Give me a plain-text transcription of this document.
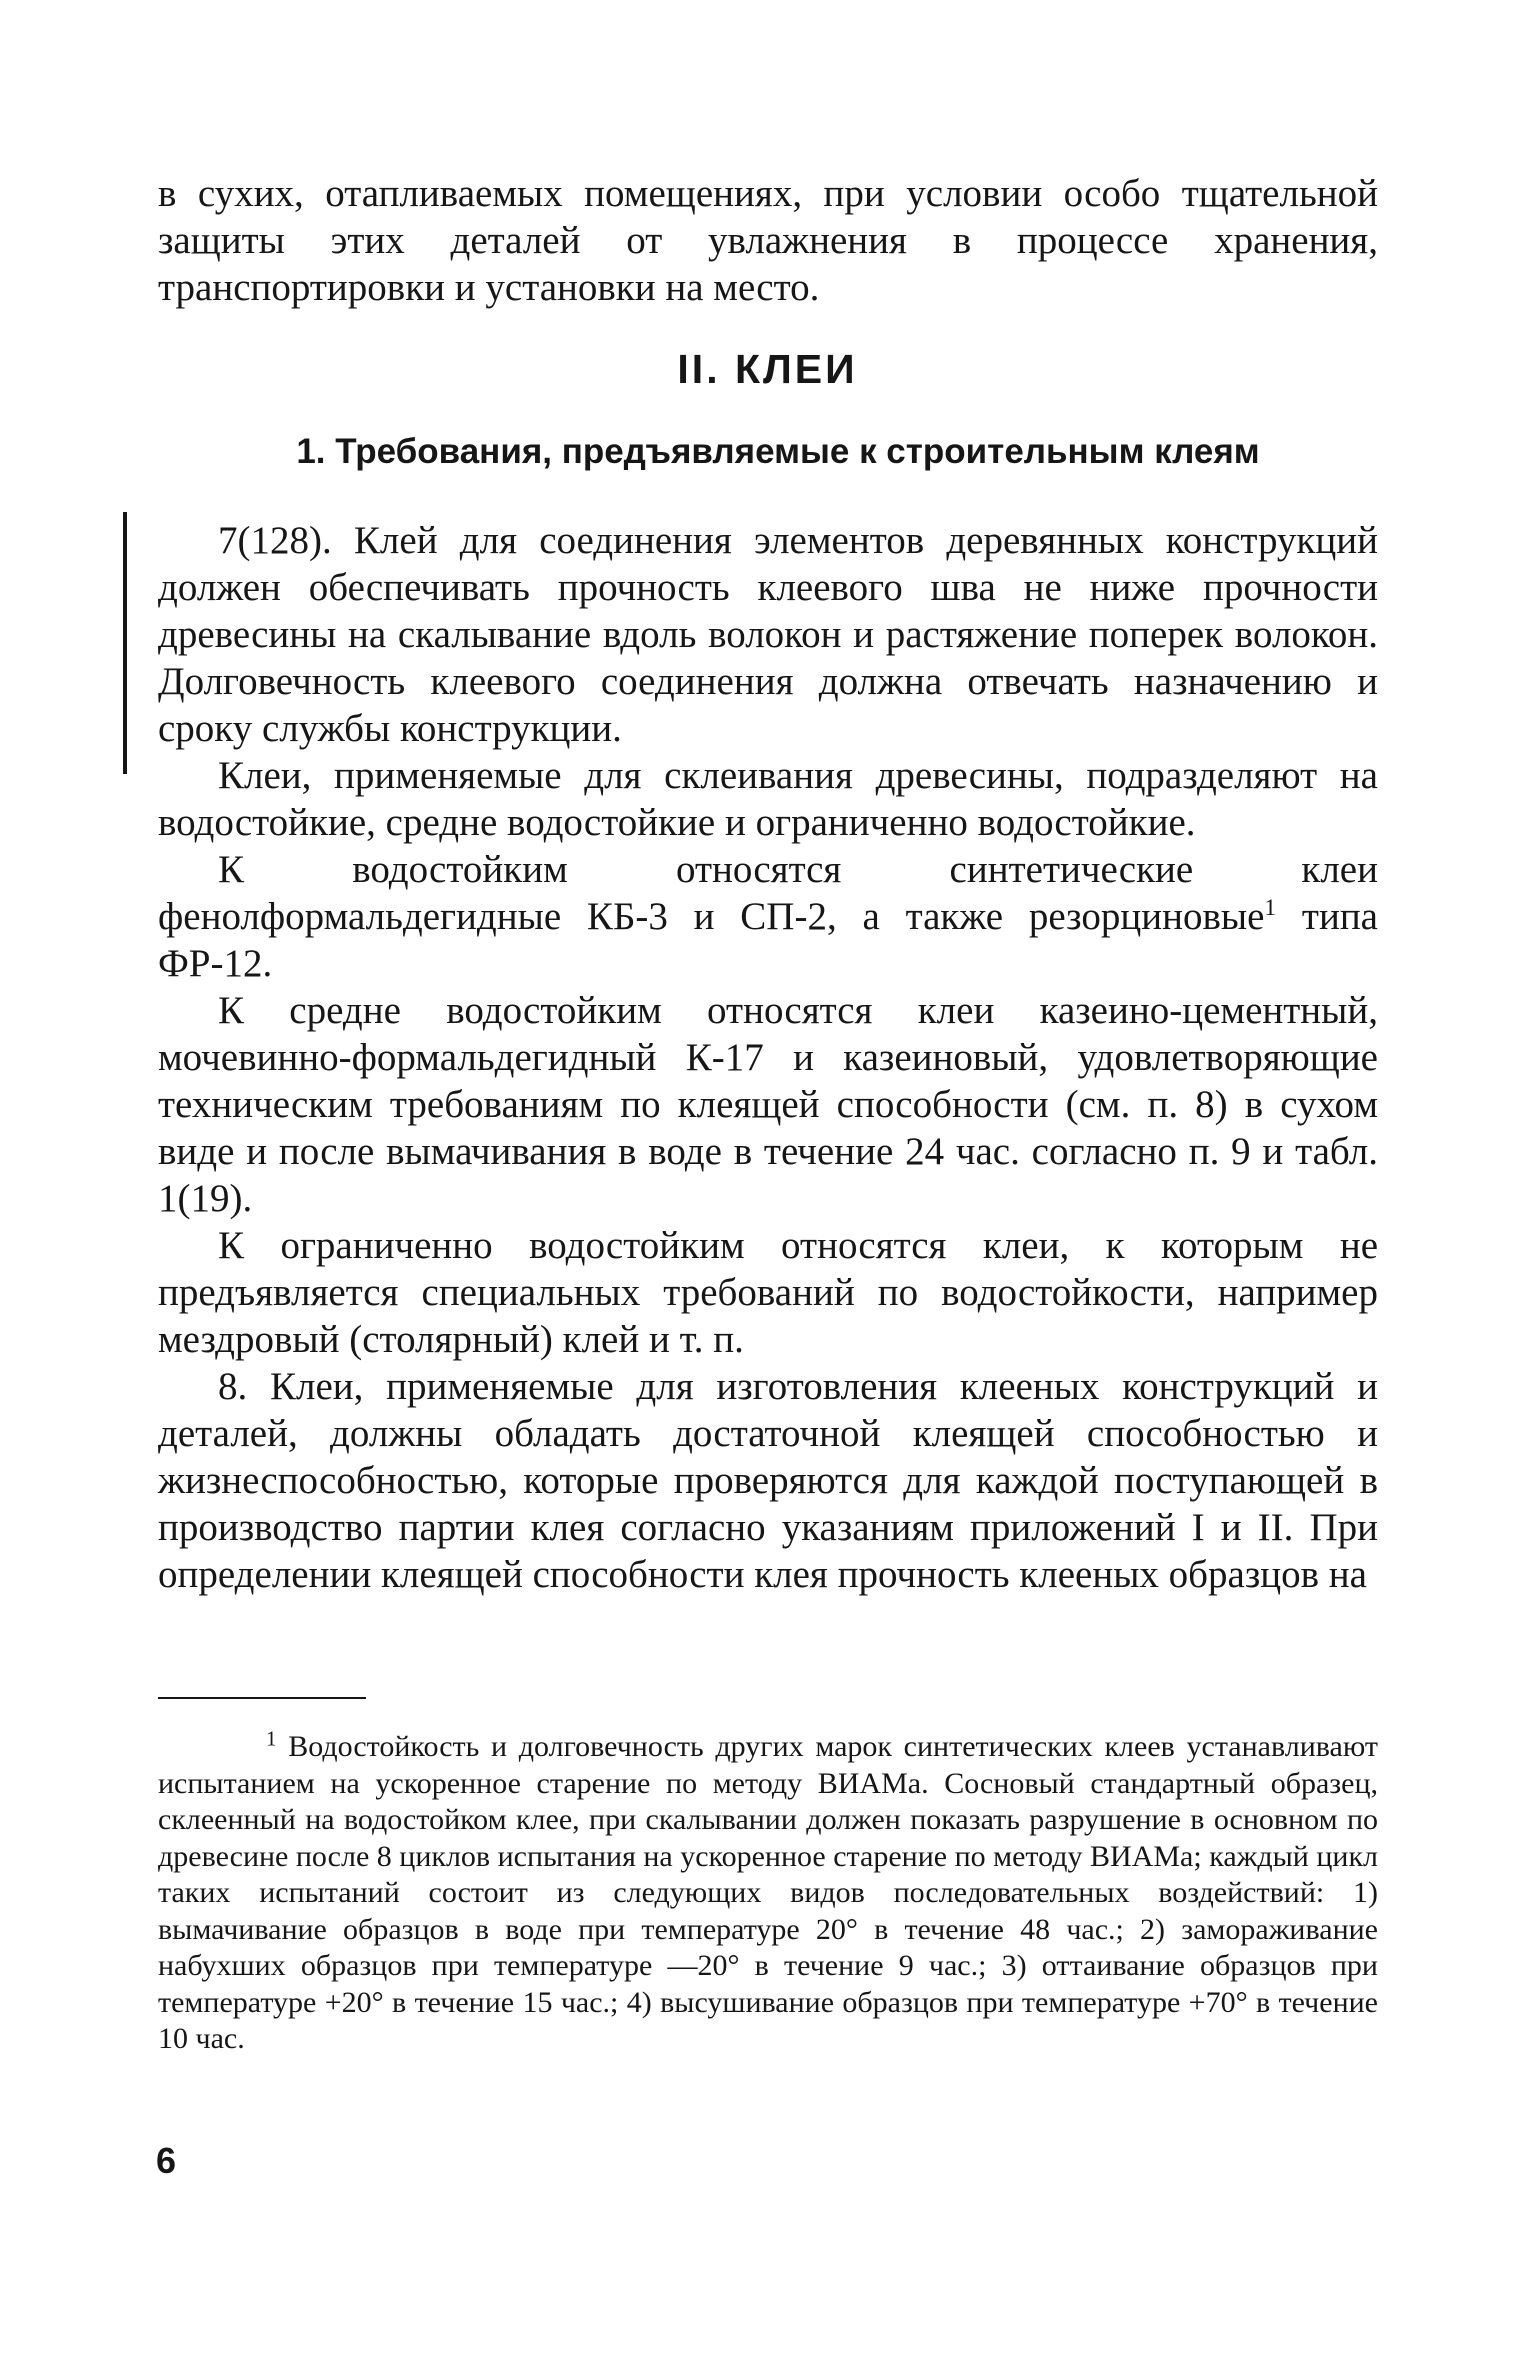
в сухих, отапливаемых помещениях, при условии особо тщательной защиты этих деталей от увлажнения в процессе хранения, транспортировки и установки на место.

II. КЛЕИ
1. Требования, предъявляемые к строительным клеям

7(128). Клей для соединения элементов деревянных конструкций должен обеспечивать прочность клеевого шва не ниже прочности древесины на скалывание вдоль волокон и растяжение поперек волокон. Долговечность клеевого соединения должна отвечать назначению и сроку службы конструкции.

Клеи, применяемые для склеивания древесины, подразделяют на водостойкие, средне водостойкие и ограниченно водостойкие.

К водостойким относятся синтетические клеи фенолформальдегидные КБ-3 и СП-2, а также резорциновые$^1$ типа ФР-12.

К средне водостойким относятся клеи казеино-цементный, мочевинно-формальдегидный К-17 и казеиновый, удовлетворяющие техническим требованиям по клеящей способности (см. п. 8) в сухом виде и после вымачивания в воде в течение 24 час. согласно п. 9 и табл. 1(19).

К ограниченно водостойким относятся клеи, к которым не предъявляется специальных требований по водостойкости, например мездровый (столярный) клей и т. п.

8. Клеи, применяемые для изготовления клееных конструкций и деталей, должны обладать достаточной клеящей способностью и жизнеспособностью, которые проверяются для каждой поступающей в производство партии клея согласно указаниям приложений I и II. При определении клеящей способности клея прочность клееных образцов на

$^1$ Водостойкость и долговечность других марок синтетических клеев устанавливают испытанием на ускоренное старение по методу ВИАМа. Сосновый стандартный образец, склеенный на водостойком клее, при скалывании должен показать разрушение в основном по древесине после 8 циклов испытания на ускоренное старение по методу ВИАМа; каждый цикл таких испытаний состоит из следующих видов последовательных воздействий: 1) вымачивание образцов в воде при температуре 20° в течение 48 час.; 2) замораживание набухших образцов при температуре —20° в течение 9 час.; 3) оттаивание образцов при температуре +20° в течение 15 час.; 4) высушивание образцов при температуре +70° в течение 10 час.

6
